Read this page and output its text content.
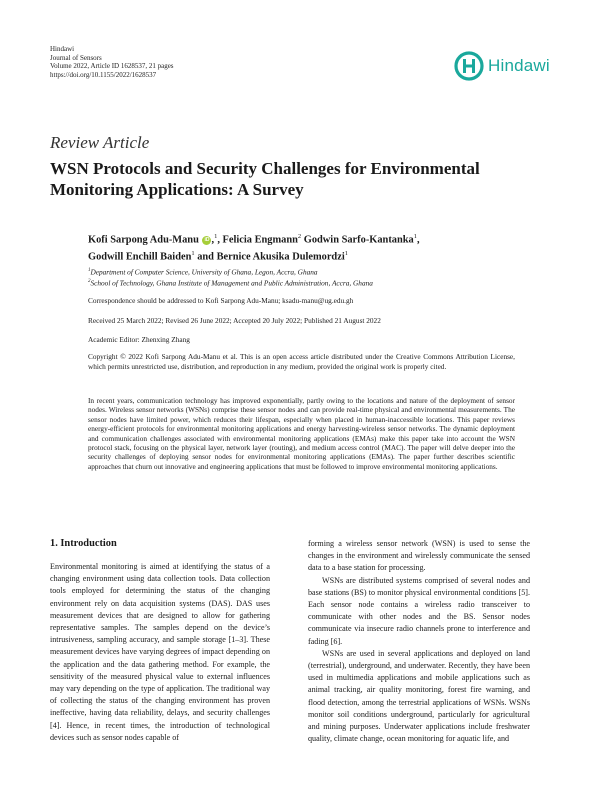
Hindawi
Journal of Sensors
Volume 2022, Article ID 1628537, 21 pages
https://doi.org/10.1155/2022/1628537	Hindawi
Review Article
WSN Protocols and Security Challenges for Environmental Monitoring Applications: A Survey
Kofi Sarpong Adu-Manu iD ,$^1$, Felicia Engmann$^2$ Godwin Sarfo-Kantanka$^1$,
Godwill Enchill Baiden$^1$ and Bernice Akusika Dulemordzi$^1$
$^1$Department of Computer Science, University of Ghana, Legon, Accra, Ghana
$^2$School of Technology, Ghana Institute of Management and Public Administration, Accra, Ghana
Correspondence should be addressed to Kofi Sarpong Adu-Manu; ksadu-manu@ug.edu.gh
Received 25 March 2022; Revised 26 June 2022; Accepted 20 July 2022; Published 21 August 2022
Academic Editor: Zhenxing Zhang
Copyright © 2022 Kofi Sarpong Adu-Manu et al. This is an open access article distributed under the Creative Commons Attribution License, which permits unrestricted use, distribution, and reproduction in any medium, provided the original work is properly cited.
In recent years, communication technology has improved exponentially, partly owing to the locations and nature of the deployment of sensor nodes. Wireless sensor networks (WSNs) comprise these sensor nodes and can provide real-time physical and environmental measurements. The sensor nodes have limited power, which reduces their lifespan, especially when placed in human-inaccessible locations. This paper reviews energy-efficient protocols for environmental monitoring applications and energy harvesting-wireless sensor networks. The dynamic deployment and communication challenges associated with environmental monitoring applications (EMAs) make this paper take into account the WSN protocol stack, focusing on the physical layer, network layer (routing), and medium access control (MAC). The paper will delve deeper into the security challenges of deploying sensor nodes for environmental monitoring applications (EMAs). The paper further describes scientific approaches that churn out innovative and engineering applications that must be followed to improve environmental monitoring applications.
1. Introduction

Environmental monitoring is aimed at identifying the status of a changing environment using data collection tools. Data collection tools employed for determining the status of the changing environment rely on data acquisition systems (DAS). DAS uses measurement devices that are designed to allow for gathering representative samples. The samples depend on the device’s intrusiveness, sampling accuracy, and sample storage [1–3]. These measurement devices have varying degrees of impact depending on the application and the data gathering method. For example, the sensitivity of the measured physical value to external influences may vary depending on the type of application. The traditional way of collecting the status of the changing environment has proven ineffective, having data reliability, delays, and security challenges [4]. Hence, in recent times, the introduction of technological devices such as sensor nodes capable of

forming a wireless sensor network (WSN) is used to sense the changes in the environment and wirelessly communicate the sensed data to a base station for processing.

WSNs are distributed systems comprised of several nodes and base stations (BS) to monitor physical environmental conditions [5]. Each sensor node contains a wireless radio transceiver to communicate with other nodes and the BS. Sensor nodes communicate via insecure radio channels prone to interference and fading [6].

WSNs are used in several applications and deployed on land (terrestrial), underground, and underwater. Recently, they have been used in multimedia applications and mobile applications such as animal tracking, air quality monitoring, forest fire warning, and flood detection, among the terrestrial applications of WSNs. WSNs monitor soil conditions underground, particularly for agricultural and mining purposes. Underwater applications include freshwater quality, climate change, ocean monitoring for aquatic life, and
